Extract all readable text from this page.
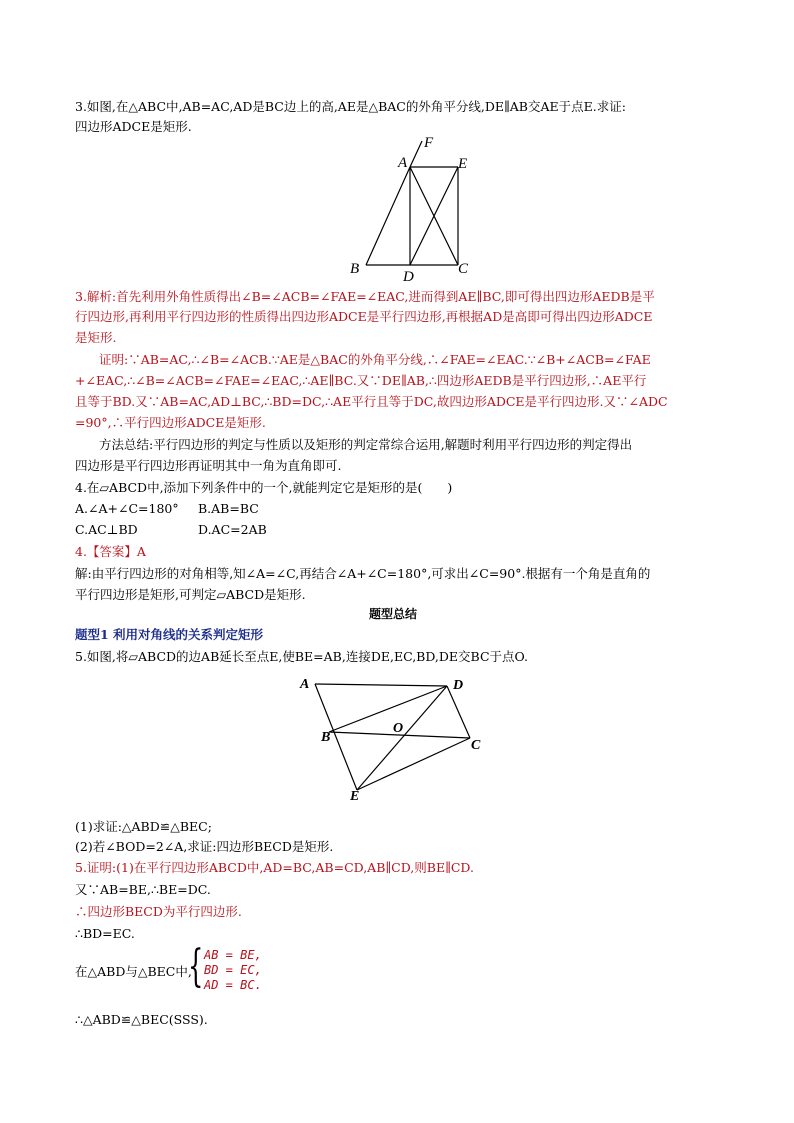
3.如图,在△ABC中,AB=AC,AD是BC边上的高,AE是△BAC的外角平分线,DE∥AB交AE于点E.求证:
四边形ADCE是矩形.
A
F
E
B	D	C
3.解析:首先利用外角性质得出∠B=∠ACB=∠FAE=∠EAC,进而得到AE∥BC,即可得出四边形AEDB是平
行四边形,再利用平行四边形的性质得出四边形ADCE是平行四边形,再根据AD是高即可得出四边形ADCE
是矩形.
证明:∵AB=AC,∴∠B=∠ACB.∵AE是△BAC的外角平分线,∴∠FAE=∠EAC.∵∠B+∠ACB=∠FAE
+∠EAC,∴∠B=∠ACB=∠FAE=∠EAC,∴AE∥BC.又∵DE∥AB,∴四边形AEDB是平行四边形,∴AE平行
且等于BD.又∵AB=AC,AD⊥BC,∴BD=DC,∴AE平行且等于DC,故四边形ADCE是平行四边形.又∵∠ADC
=90°,∴平行四边形ADCE是矩形.
方法总结:平行四边形的判定与性质以及矩形的判定常综合运用,解题时利用平行四边形的判定得出
四边形是平行四边形再证明其中一角为直角即可.
4.在▱ABCD中,添加下列条件中的一个,就能判定它是矩形的是(　　)
A.∠A+∠C=180° B.AB=BC
C.AC⊥BD	D.AC=2AB
4.【答案】A
解:由平行四边形的对角相等,知∠A=∠C,再结合∠A+∠C=180°,可求出∠C=90°.根据有一个角是直角的
平行四边形是矩形,可判定▱ABCD是矩形.
题型总结
题型1 利用对角线的关系判定矩形
5.如图,将▱ABCD的边AB延长至点E,使BE=AB,连接DE,EC,BD,DE交BC于点O.
A	D
O
B
C
E
(1)求证:△ABD≌△BEC;
(2)若∠BOD=2∠A,求证:四边形BECD是矩形.
5.证明:(1)在平行四边形ABCD中,AD=BC,AB=CD,AB∥CD,则BE∥CD.
又∵AB=BE,∴BE=DC.
∴四边形BECD为平行四边形.
∴BD=EC.
在△ABD与△BEC中,
{ AB = BE,
BD = EC,
AD = BC.
∴△ABD≌△BEC(SSS).
